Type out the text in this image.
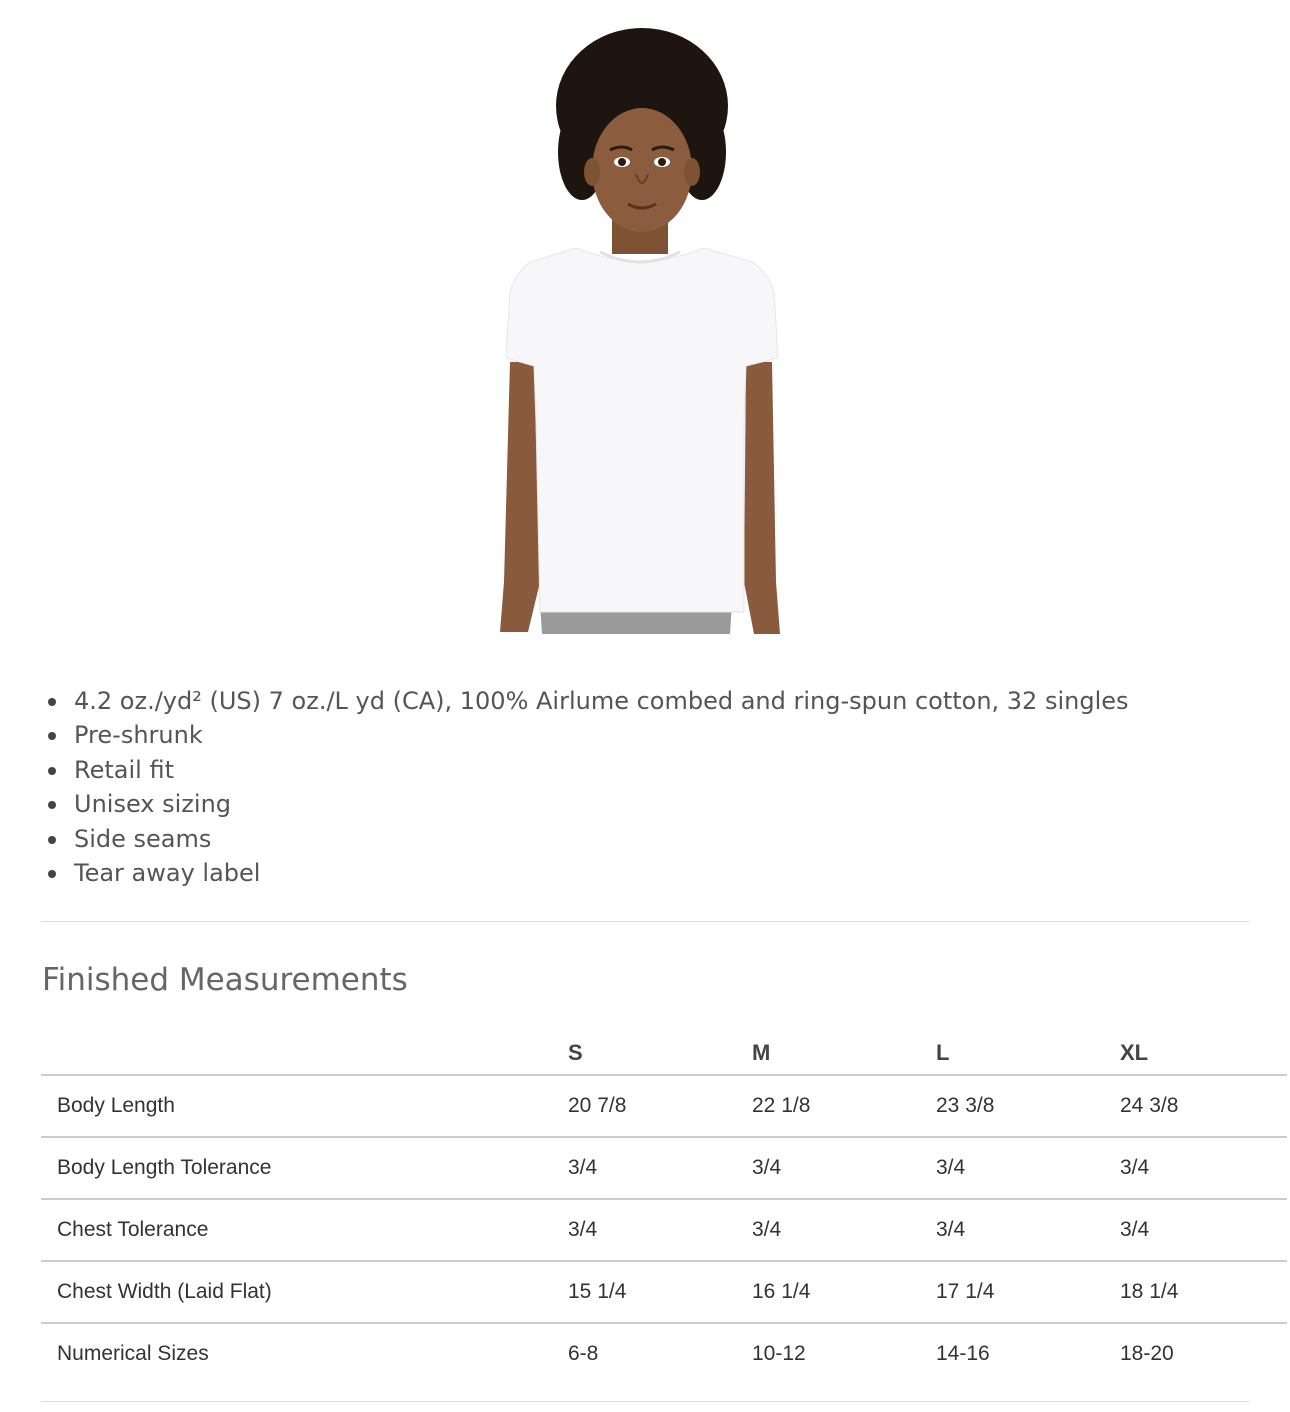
4.2 oz./yd² (US) 7 oz./L yd (CA), 100% Airlume combed and ring-spun cotton, 32 singles
Pre-shrunk
Retail fit
Unisex sizing
Side seams
Tear away label
Finished Measurements
	S	M	L	XL
Body Length	20 7/8	22 1/8	23 3/8	24 3/8
Body Length Tolerance	3/4	3/4	3/4	3/4
Chest Tolerance	3/4	3/4	3/4	3/4
Chest Width (Laid Flat)	15 1/4	16 1/4	17 1/4	18 1/4
Numerical Sizes	6-8	10-12	14-16	18-20
